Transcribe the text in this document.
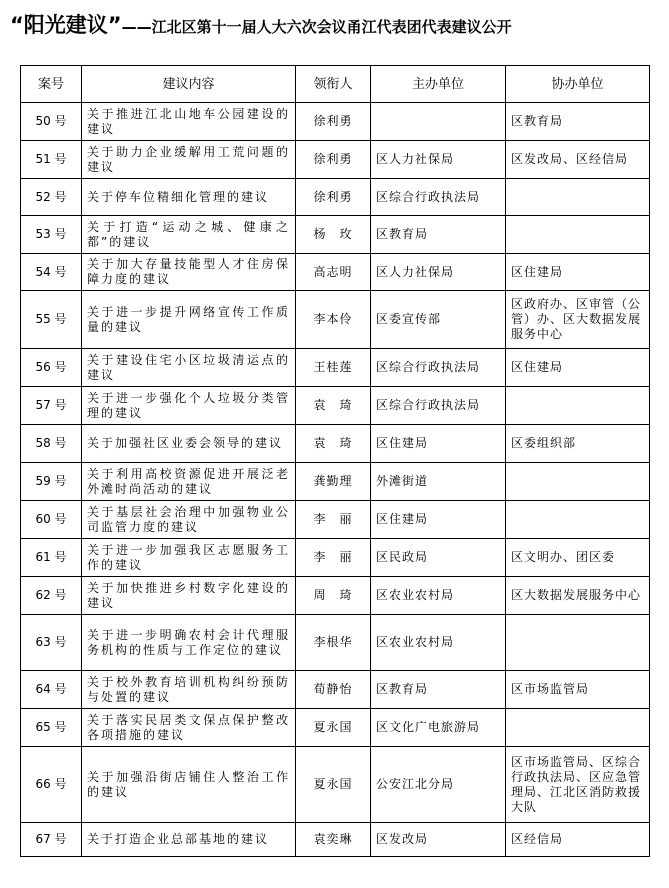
“阳光建议”——江北区第十一届人大六次会议甬江代表团代表建议公开
案号	建议内容	领衔人	主办单位	协办单位
50 号	关于推进江北山地车公园建设的建议	徐利勇		区教育局
51 号	关于助力企业缓解用工荒问题的建议	徐利勇	区人力社保局	区发改局、区经信局
52 号	关于停车位精细化管理的建议	徐利勇	区综合行政执法局	
53 号	关于打造“运动之城、健康之都”的建议	杨　玫	区教育局	
54 号	关于加大存量技能型人才住房保障力度的建议	高志明	区人力社保局	区住建局
55 号	关于进一步提升网络宣传工作质量的建议	李本伶	区委宣传部	区政府办、区审管（公管）办、区大数据发展服务中心
56 号	关于建设住宅小区垃圾清运点的建议	王桂莲	区综合行政执法局	区住建局
57 号	关于进一步强化个人垃圾分类管理的建议	袁　琦	区综合行政执法局	
58 号	关于加强社区业委会领导的建议	袁　琦	区住建局	区委组织部
59 号	关于利用高校资源促进开展泛老外滩时尚活动的建议	龚勤理	外滩街道	
60 号	关于基层社会治理中加强物业公司监管力度的建议	李　丽	区住建局	
61 号	关于进一步加强我区志愿服务工作的建议	李　丽	区民政局	区文明办、团区委
62 号	关于加快推进乡村数字化建设的建议	周　琦	区农业农村局	区大数据发展服务中心
63 号	关于进一步明确农村会计代理服务机构的性质与工作定位的建议	李根华	区农业农村局	
64 号	关于校外教育培训机构纠纷预防与处置的建议	荀静怡	区教育局	区市场监管局
65 号	关于落实民居类文保点保护整改各项措施的建议	夏永国	区文化广电旅游局	
66 号	关于加强沿街店铺住人整治工作的建议	夏永国	公安江北分局	区市场监管局、区综合行政执法局、区应急管理局、江北区消防救援大队
67 号	关于打造企业总部基地的建议	袁奕琳	区发改局	区经信局
